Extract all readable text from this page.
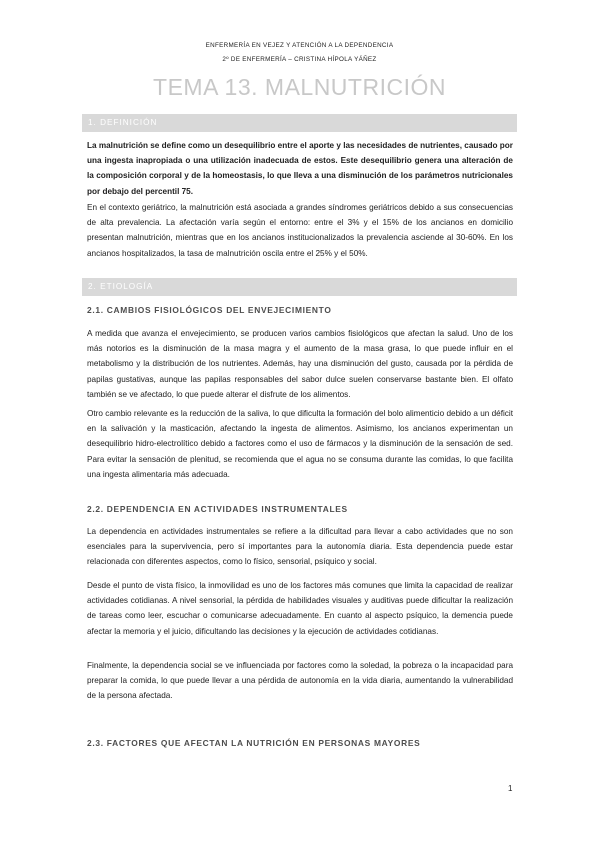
ENFERMERÍA EN VEJEZ Y ATENCIÓN A LA DEPENDENCIA
2º DE ENFERMERÍA – CRISTINA HÍPOLA YÁÑEZ
TEMA 13. MALNUTRICIÓN
1. DEFINICIÓN

La malnutrición se define como un desequilibrio entre el aporte y las necesidades de nutrientes, causado por una ingesta inapropiada o una utilización inadecuada de estos. Este desequilibrio genera una alteración de la composición corporal y de la homeostasis, lo que lleva a una disminución de los parámetros nutricionales por debajo del percentil 75.

En el contexto geriátrico, la malnutrición está asociada a grandes síndromes geriátricos debido a sus consecuencias de alta prevalencia. La afectación varía según el entorno: entre el 3% y el 15% de los ancianos en domicilio presentan malnutrición, mientras que en los ancianos institucionalizados la prevalencia asciende al 30-60%. En los ancianos hospitalizados, la tasa de malnutrición oscila entre el 25% y el 50%.

2. ETIOLOGÍA
2.1. CAMBIOS FISIOLÓGICOS DEL ENVEJECIMIENTO

A medida que avanza el envejecimiento, se producen varios cambios fisiológicos que afectan la salud. Uno de los más notorios es la disminución de la masa magra y el aumento de la masa grasa, lo que puede influir en el metabolismo y la distribución de los nutrientes. Además, hay una disminución del gusto, causada por la pérdida de papilas gustativas, aunque las papilas responsables del sabor dulce suelen conservarse bastante bien. El olfato también se ve afectado, lo que puede alterar el disfrute de los alimentos.

Otro cambio relevante es la reducción de la saliva, lo que dificulta la formación del bolo alimenticio debido a un déficit en la salivación y la masticación, afectando la ingesta de alimentos. Asimismo, los ancianos experimentan un desequilibrio hidro-electrolítico debido a factores como el uso de fármacos y la disminución de la sensación de sed. Para evitar la sensación de plenitud, se recomienda que el agua no se consuma durante las comidas, lo que facilita una ingesta alimentaria más adecuada.

2.2. DEPENDENCIA EN ACTIVIDADES INSTRUMENTALES

La dependencia en actividades instrumentales se refiere a la dificultad para llevar a cabo actividades que no son esenciales para la supervivencia, pero sí importantes para la autonomía diaria. Esta dependencia puede estar relacionada con diferentes aspectos, como lo físico, sensorial, psíquico y social.

Desde el punto de vista físico, la inmovilidad es uno de los factores más comunes que limita la capacidad de realizar actividades cotidianas. A nivel sensorial, la pérdida de habilidades visuales y auditivas puede dificultar la realización de tareas como leer, escuchar o comunicarse adecuadamente. En cuanto al aspecto psíquico, la demencia puede afectar la memoria y el juicio, dificultando las decisiones y la ejecución de actividades cotidianas.

Finalmente, la dependencia social se ve influenciada por factores como la soledad, la pobreza o la incapacidad para preparar la comida, lo que puede llevar a una pérdida de autonomía en la vida diaria, aumentando la vulnerabilidad de la persona afectada.

2.3. FACTORES QUE AFECTAN LA NUTRICIÓN EN PERSONAS MAYORES
1
